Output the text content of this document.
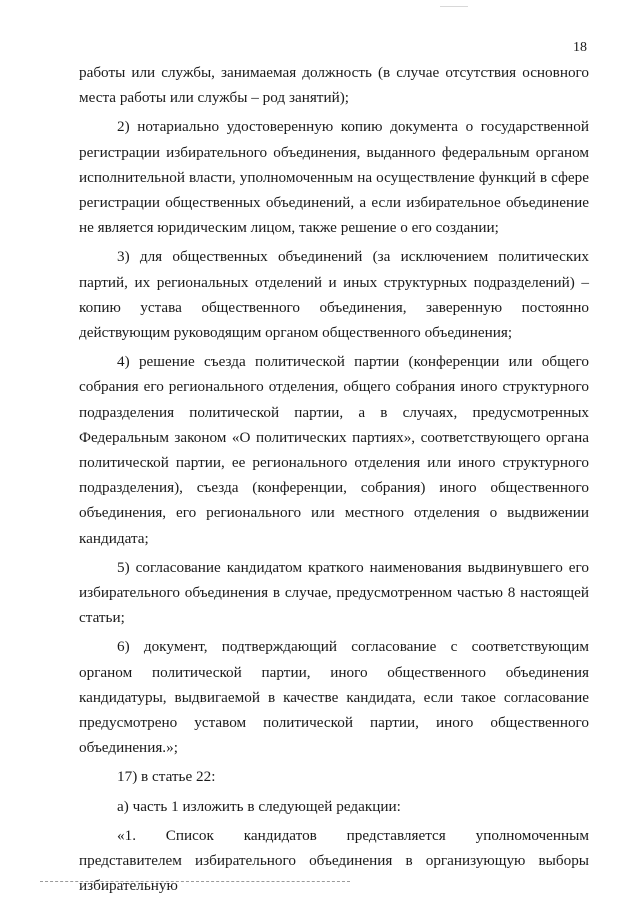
18

работы или службы, занимаемая должность (в случае отсутствия основного места работы или службы – род занятий);

2) нотариально удостоверенную копию документа о государственной регистрации избирательного объединения, выданного федеральным органом исполнительной власти, уполномоченным на осуществление функций в сфере регистрации общественных объединений, а если избирательное объединение не является юридическим лицом, также решение о его создании;

3) для общественных объединений (за исключением политических партий, их региональных отделений и иных структурных подразделений) – копию устава общественного объединения, заверенную постоянно действующим руководящим органом общественного объединения;

4) решение съезда политической партии (конференции или общего собрания его регионального отделения, общего собрания иного структурного подразделения политической партии, а в случаях, предусмотренных Федеральным законом «О политических партиях», соответствующего органа политической партии, ее регионального отделения или иного структурного подразделения), съезда (конференции, собрания) иного общественного объединения, его регионального или местного отделения о выдвижении кандидата;

5) согласование кандидатом краткого наименования выдвинувшего его избирательного объединения в случае, предусмотренном частью 8 настоящей статьи;

6) документ, подтверждающий согласование с соответствующим органом политической партии, иного общественного объединения кандидатуры, выдвигаемой в качестве кандидата, если такое согласование предусмотрено уставом политической партии, иного общественного объединения.»;

17) в статье 22:

а) часть 1 изложить в следующей редакции:

«1. Список кандидатов представляется уполномоченным представителем избирательного объединения в организующую выборы избирательную
